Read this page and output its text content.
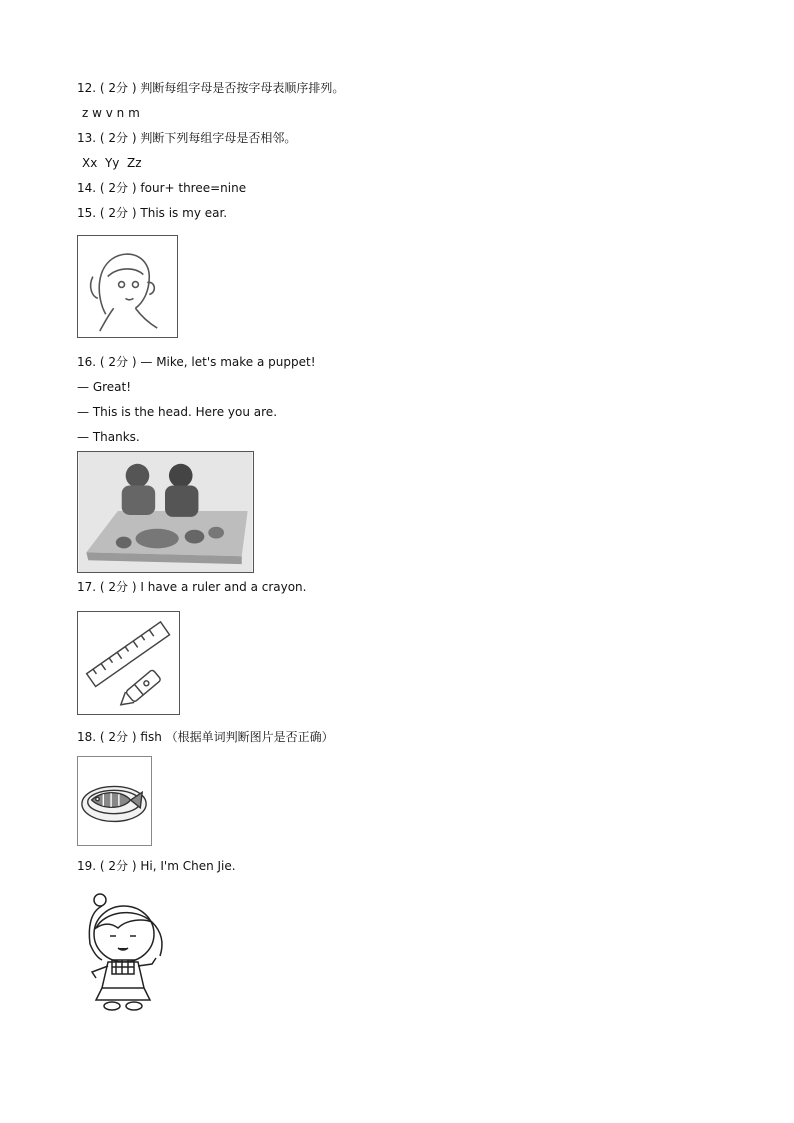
12. ( 2分 ) 判断每组字母是否按字母表顺序排列。
z w v n m
13. ( 2分 ) 判断下列每组字母是否相邻。
Xx  Yy  Zz
14. ( 2分 ) four+ three=nine
15. ( 2分 ) This is my ear.
16. ( 2分 ) — Mike, let's make a puppet!
— Great!
— This is the head. Here you are.
— Thanks.
17. ( 2分 ) I have a ruler and a crayon.
18. ( 2分 ) fish （根据单词判断图片是否正确）
19. ( 2分 ) Hi, I'm Chen Jie.
